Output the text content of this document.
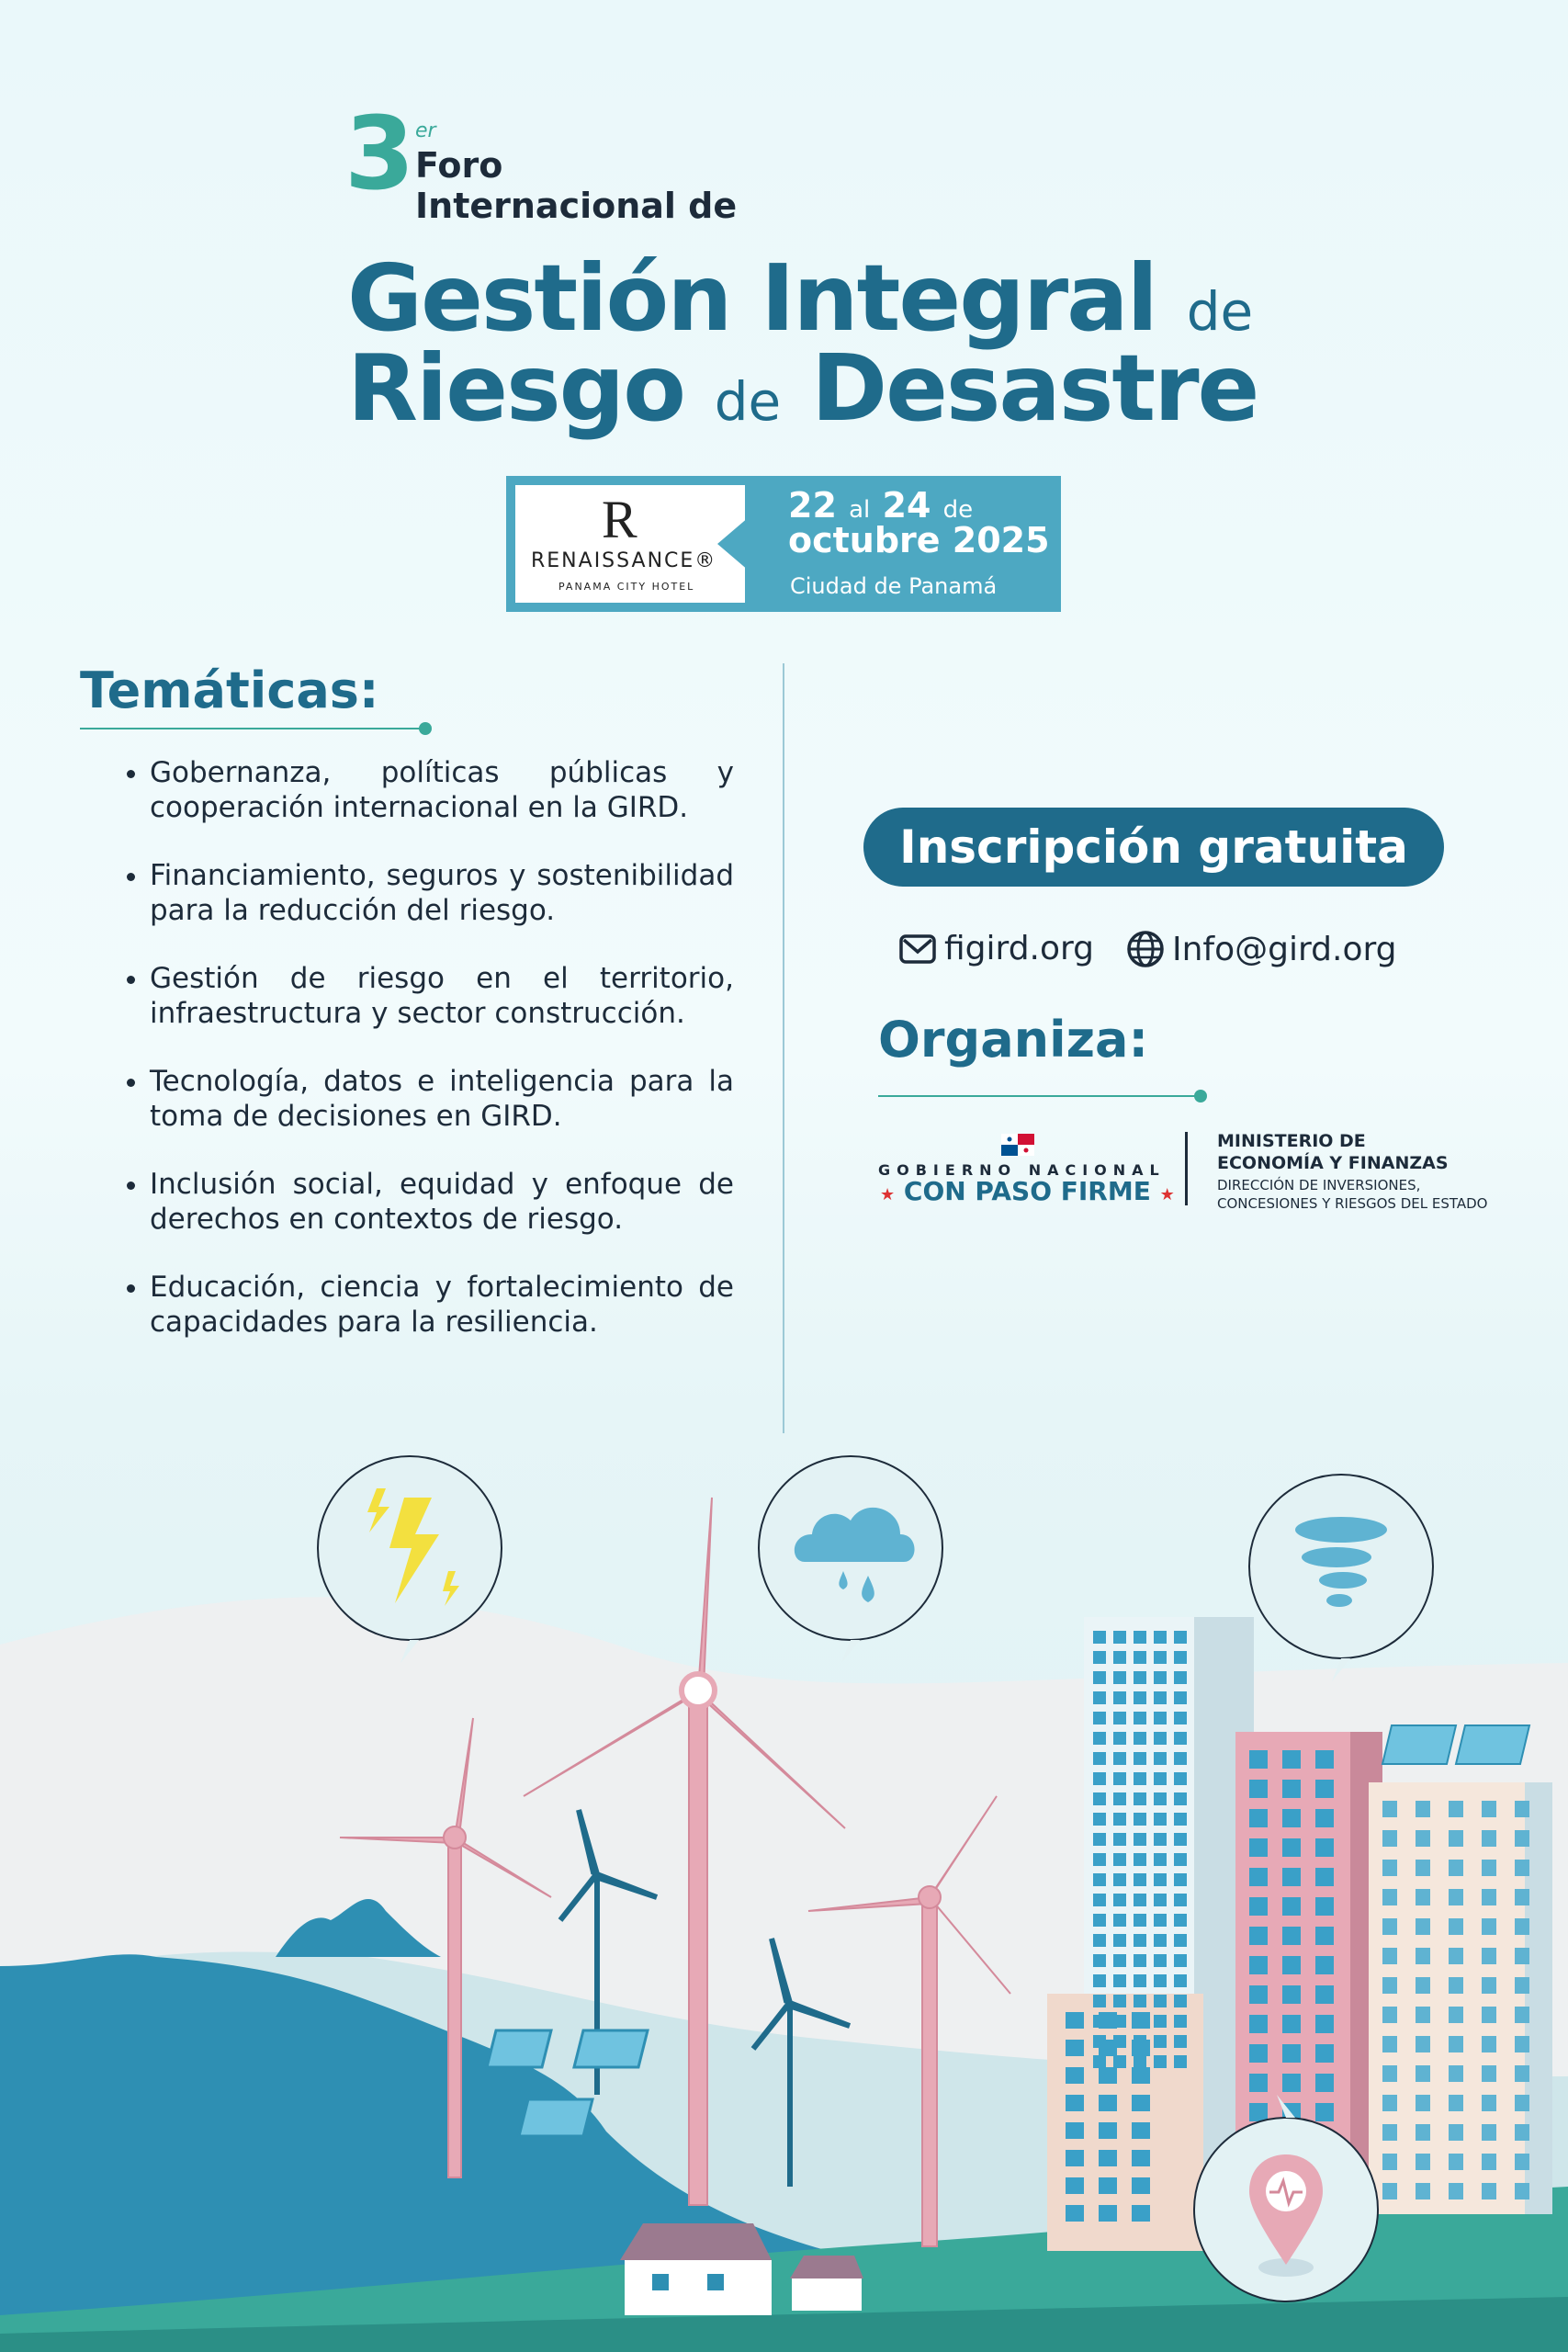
3 er
Foro
Internacional de
Gestión Integral de
Riesgo de Desastre
R
RENAISSANCE®
PANAMA CITY HOTEL
22 al 24 de
octubre 2025
Ciudad de Panamá
Temáticas:
• Gobernanza, políticas públicas y cooperación internacional en la GIRD.
• Financiamiento, seguros y sostenibilidad para la reducción del riesgo.
• Gestión de riesgo en el territorio, infraestructura y sector construcción.
• Tecnología, datos e inteligencia para la toma de decisiones en GIRD.
• Inclusión social, equidad y enfoque de derechos en contextos de riesgo.
• Educación, ciencia y fortalecimiento de capacidades para la resiliencia.
Inscripción gratuita
figird.org Info@gird.org
Organiza:
GOBIERNO NACIONAL
★ CON PASO FIRME ★
MINISTERIO DE
ECONOMÍA Y FINANZAS
DIRECCIÓN DE INVERSIONES,
CONCESIONES Y RIESGOS DEL ESTADO
